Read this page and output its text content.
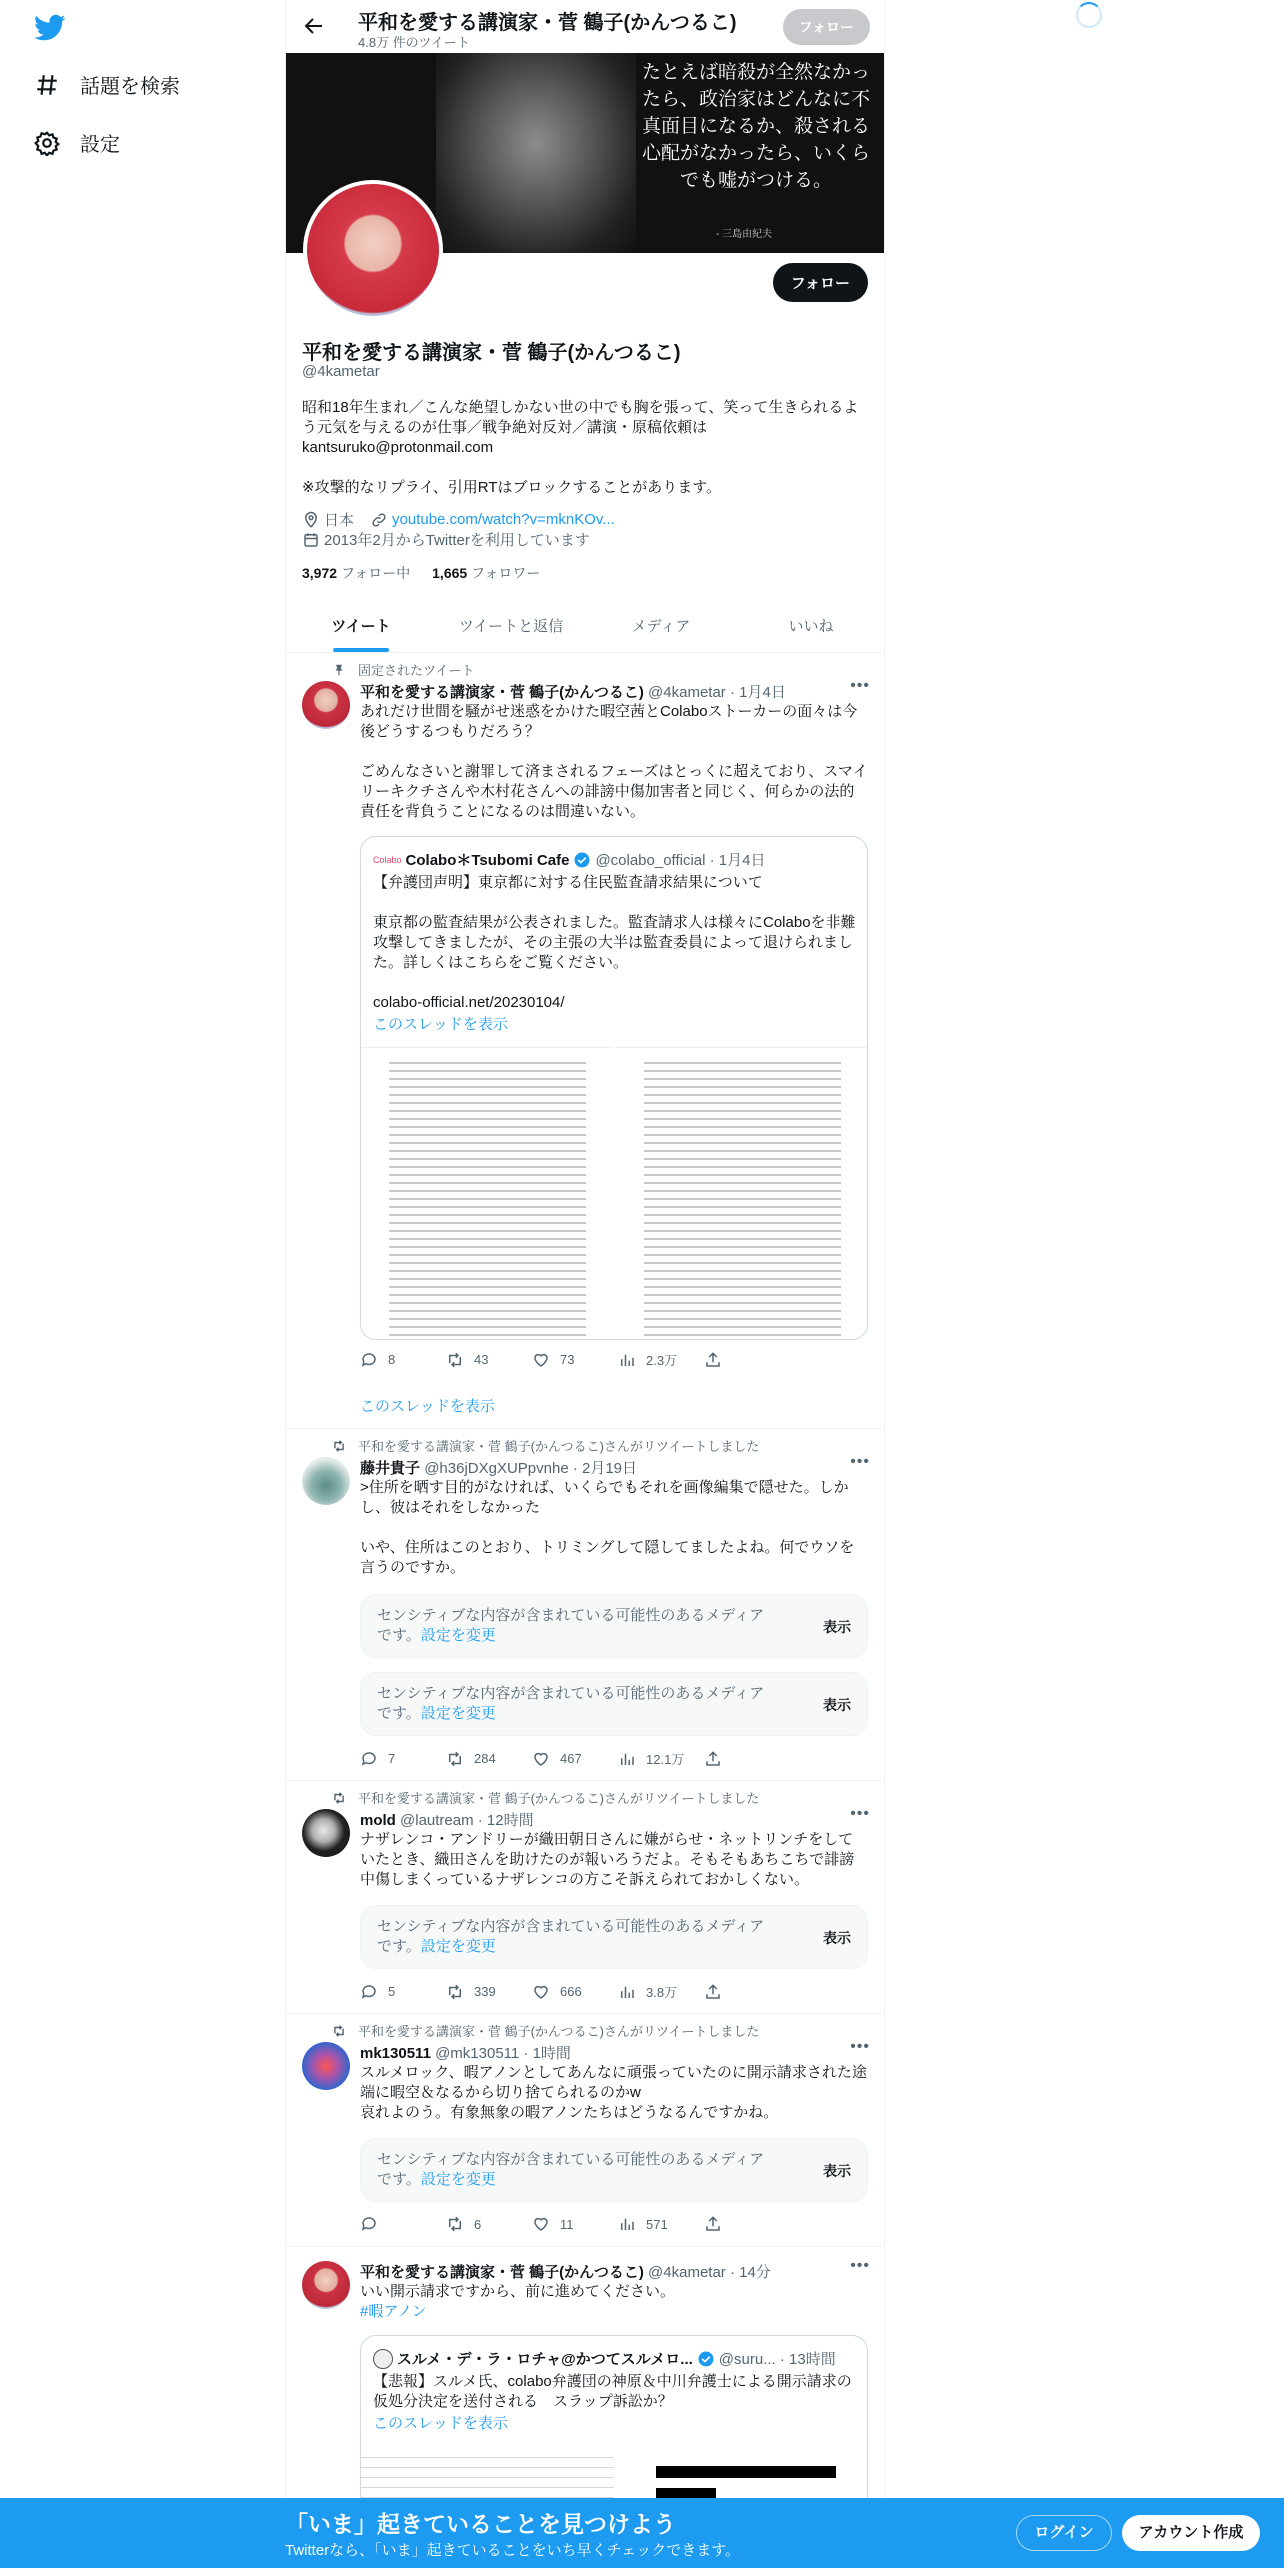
話題を検索
設定
平和を愛する講演家・菅 鶴子(かんつるこ)
4.8万 件のツイート
フォロー
たとえば暗殺が全然なかったら、政治家はどんなに不真面目になるか、殺される心配がなかったら、いくらでも嘘がつける。
- 三島由紀夫
フォロー
平和を愛する講演家・菅 鶴子(かんつるこ)
@4kametar
昭和18年生まれ／こんな絶望しかない世の中でも胸を張って、笑って生きられるよう元気を与えるのが仕事／戦争絶対反対／講演・原稿依頼は kantsuruko@protonmail.com

※攻撃的なリプライ、引用RTはブロックすることがあります。
日本	youtube.com/watch?v=mknKOv...
2013年2月からTwitterを利用しています
3,972 フォロー中 1,665 フォロワー
ツイート	ツイートと返信	メディア	いいね
固定されたツイート
平和を愛する講演家・菅 鶴子(かんつるこ) @4kametar · 1月4日	•••
あれだけ世間を騒がせ迷惑をかけた暇空茜とColaboストーカーの面々は今後どうするつもりだろう？

ごめんなさいと謝罪して済まされるフェーズはとっくに超えており、スマイリーキクチさんや木村花さんへの誹謗中傷加害者と同じく、何らかの法的責任を背負うことになるのは間違いない。
Colabo Colabo＊Tsubomi Cafe @colabo_official · 1月4日
【弁護団声明】東京都に対する住民監査請求結果について

東京都の監査結果が公表されました。監査請求人は様々にColaboを非難攻撃してきましたが、その主張の大半は監査委員によって退けられました。詳しくはこちらをご覧ください。

colabo-official.net/20230104/
このスレッドを表示
8	43	73	2.3万
このスレッドを表示
平和を愛する講演家・菅 鶴子(かんつるこ)さんがリツイートしました
藤井貴子 @h36jDXgXUPpvnhe · 2月19日	•••
>住所を晒す目的がなければ、いくらでもそれを画像編集で隠せた。しかし、彼はそれをしなかった

いや、住所はこのとおり、トリミングして隠してましたよね。何でウソを言うのですか。
センシティブな内容が含まれている可能性のあるメディアです。設定を変更	表示
センシティブな内容が含まれている可能性のあるメディアです。設定を変更	表示
7	284	467	12.1万
平和を愛する講演家・菅 鶴子(かんつるこ)さんがリツイートしました
mold @lautream · 12時間	•••
ナザレンコ・アンドリーが織田朝日さんに嫌がらせ・ネットリンチをしていたとき、織田さんを助けたのが報いろうだよ。そもそもあちこちで誹謗中傷しまくっているナザレンコの方こそ訴えられておかしくない。
センシティブな内容が含まれている可能性のあるメディアです。設定を変更	表示
5	339	666	3.8万
平和を愛する講演家・菅 鶴子(かんつるこ)さんがリツイートしました
mk130511 @mk130511 · 1時間	•••
スルメロック、暇アノンとしてあんなに頑張っていたのに開示請求された途端に暇空＆なるから切り捨てられるのかw
哀れよのう。有象無象の暇アノンたちはどうなるんですかね。
センシティブな内容が含まれている可能性のあるメディアです。設定を変更	表示
6	11	571
平和を愛する講演家・菅 鶴子(かんつるこ) @4kametar · 14分	•••
いい開示請求ですから、前に進めてください。
#暇アノン
スルメ・デ・ラ・ロチャ@かつてスルメロ... @suru... · 13時間
【悲報】スルメ氏、colabo弁護団の神原＆中川弁護士による開示請求の仮処分決定を送付される　スラップ訴訟か？
このスレッドを表示
「いま」起きていることを見つけよう
Twitterなら、「いま」起きていることをいち早くチェックできます。
ログイン	アカウント作成
